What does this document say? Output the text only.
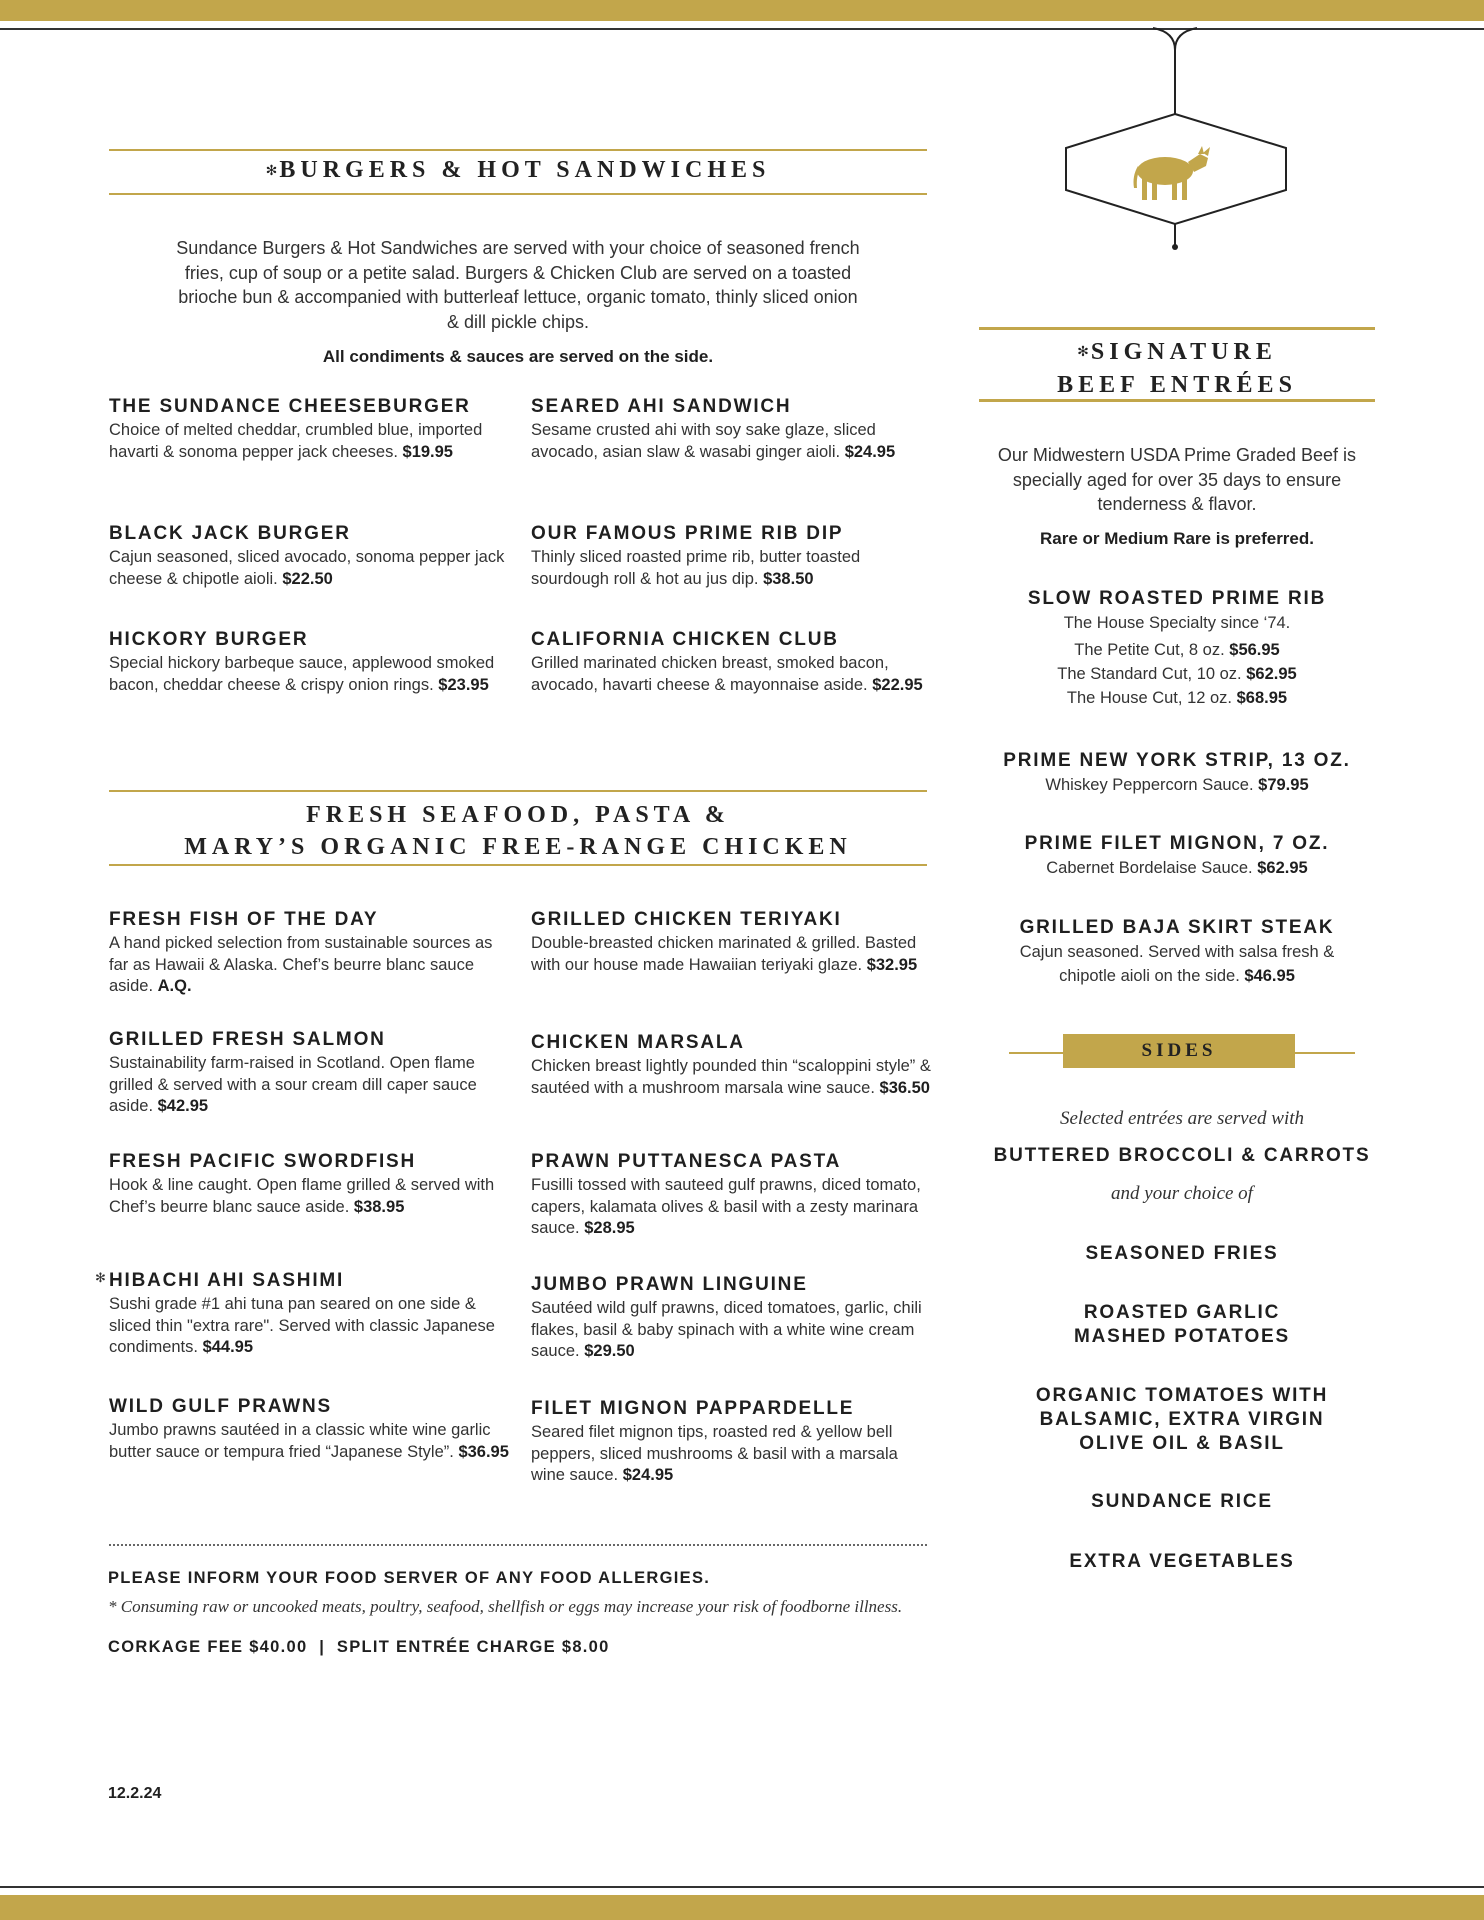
✻BURGERS & HOT SANDWICHES
Sundance Burgers & Hot Sandwiches are served with your choice of seasoned french fries, cup of soup or a petite salad. Burgers & Chicken Club are served on a toasted brioche bun & accompanied with butterleaf lettuce, organic tomato, thinly sliced onion & dill pickle chips.
All condiments & sauces are served on the side.
THE SUNDANCE CHEESEBURGER
Choice of melted cheddar, crumbled blue, imported havarti & sonoma pepper jack cheeses. $19.95
SEARED AHI SANDWICH
Sesame crusted ahi with soy sake glaze, sliced avocado, asian slaw & wasabi ginger aioli. $24.95
BLACK JACK BURGER
Cajun seasoned, sliced avocado, sonoma pepper jack cheese & chipotle aioli. $22.50
OUR FAMOUS PRIME RIB DIP
Thinly sliced roasted prime rib, butter toasted sourdough roll & hot au jus dip. $38.50
HICKORY BURGER
Special hickory barbeque sauce, applewood smoked bacon, cheddar cheese & crispy onion rings. $23.95
CALIFORNIA CHICKEN CLUB
Grilled marinated chicken breast, smoked bacon, avocado, havarti cheese & mayonnaise aside. $22.95
FRESH SEAFOOD, PASTA &
MARY’S ORGANIC FREE-RANGE CHICKEN
FRESH FISH OF THE DAY
A hand picked selection from sustainable sources as far as Hawaii & Alaska. Chef’s beurre blanc sauce aside. A.Q.
GRILLED CHICKEN TERIYAKI
Double-breasted chicken marinated & grilled. Basted with our house made Hawaiian teriyaki glaze. $32.95
GRILLED FRESH SALMON
Sustainability farm-raised in Scotland. Open flame grilled & served with a sour cream dill caper sauce aside. $42.95
CHICKEN MARSALA
Chicken breast lightly pounded thin “scaloppini style” & sautéed with a mushroom marsala wine sauce. $36.50
FRESH PACIFIC SWORDFISH
Hook & line caught. Open flame grilled & served with Chef’s beurre blanc sauce aside. $38.95
PRAWN PUTTANESCA PASTA
Fusilli tossed with sauteed gulf prawns, diced tomato, capers, kalamata olives & basil with a zesty marinara sauce. $28.95
✻ HIBACHI AHI SASHIMI
Sushi grade #1 ahi tuna pan seared on one side & sliced thin "extra rare". Served with classic Japanese condiments. $44.95
JUMBO PRAWN LINGUINE
Sautéed wild gulf prawns, diced tomatoes, garlic, chili flakes, basil & baby spinach with a white wine cream sauce. $29.50
WILD GULF PRAWNS
Jumbo prawns sautéed in a classic white wine garlic butter sauce or tempura fried “Japanese Style”. $36.95
FILET MIGNON PAPPARDELLE
Seared filet mignon tips, roasted red & yellow bell peppers, sliced mushrooms & basil with a marsala wine sauce. $24.95
PLEASE INFORM YOUR FOOD SERVER OF ANY FOOD ALLERGIES.
* Consuming raw or uncooked meats, poultry, seafood, shellfish or eggs may increase your risk of foodborne illness.
CORKAGE FEE $40.00  |  SPLIT ENTRÉE CHARGE $8.00
12.2.24
✻SIGNATURE
BEEF ENTRÉES
Our Midwestern USDA Prime Graded Beef is specially aged for over 35 days to ensure tenderness & flavor.
Rare or Medium Rare is preferred.
SLOW ROASTED PRIME RIB
The House Specialty since ‘74.
The Petite Cut, 8 oz. $56.95
The Standard Cut, 10 oz. $62.95
The House Cut, 12 oz. $68.95
PRIME NEW YORK STRIP, 13 OZ.
Whiskey Peppercorn Sauce. $79.95
PRIME FILET MIGNON, 7 OZ.
Cabernet Bordelaise Sauce. $62.95
GRILLED BAJA SKIRT STEAK
Cajun seasoned. Served with salsa fresh & chipotle aioli on the side. $46.95
SIDES
Selected entrées are served with
BUTTERED BROCCOLI & CARROTS
and your choice of
SEASONED FRIES
ROASTED GARLIC MASHED POTATOES
ORGANIC TOMATOES WITH BALSAMIC, EXTRA VIRGIN OLIVE OIL & BASIL
SUNDANCE RICE
EXTRA VEGETABLES
